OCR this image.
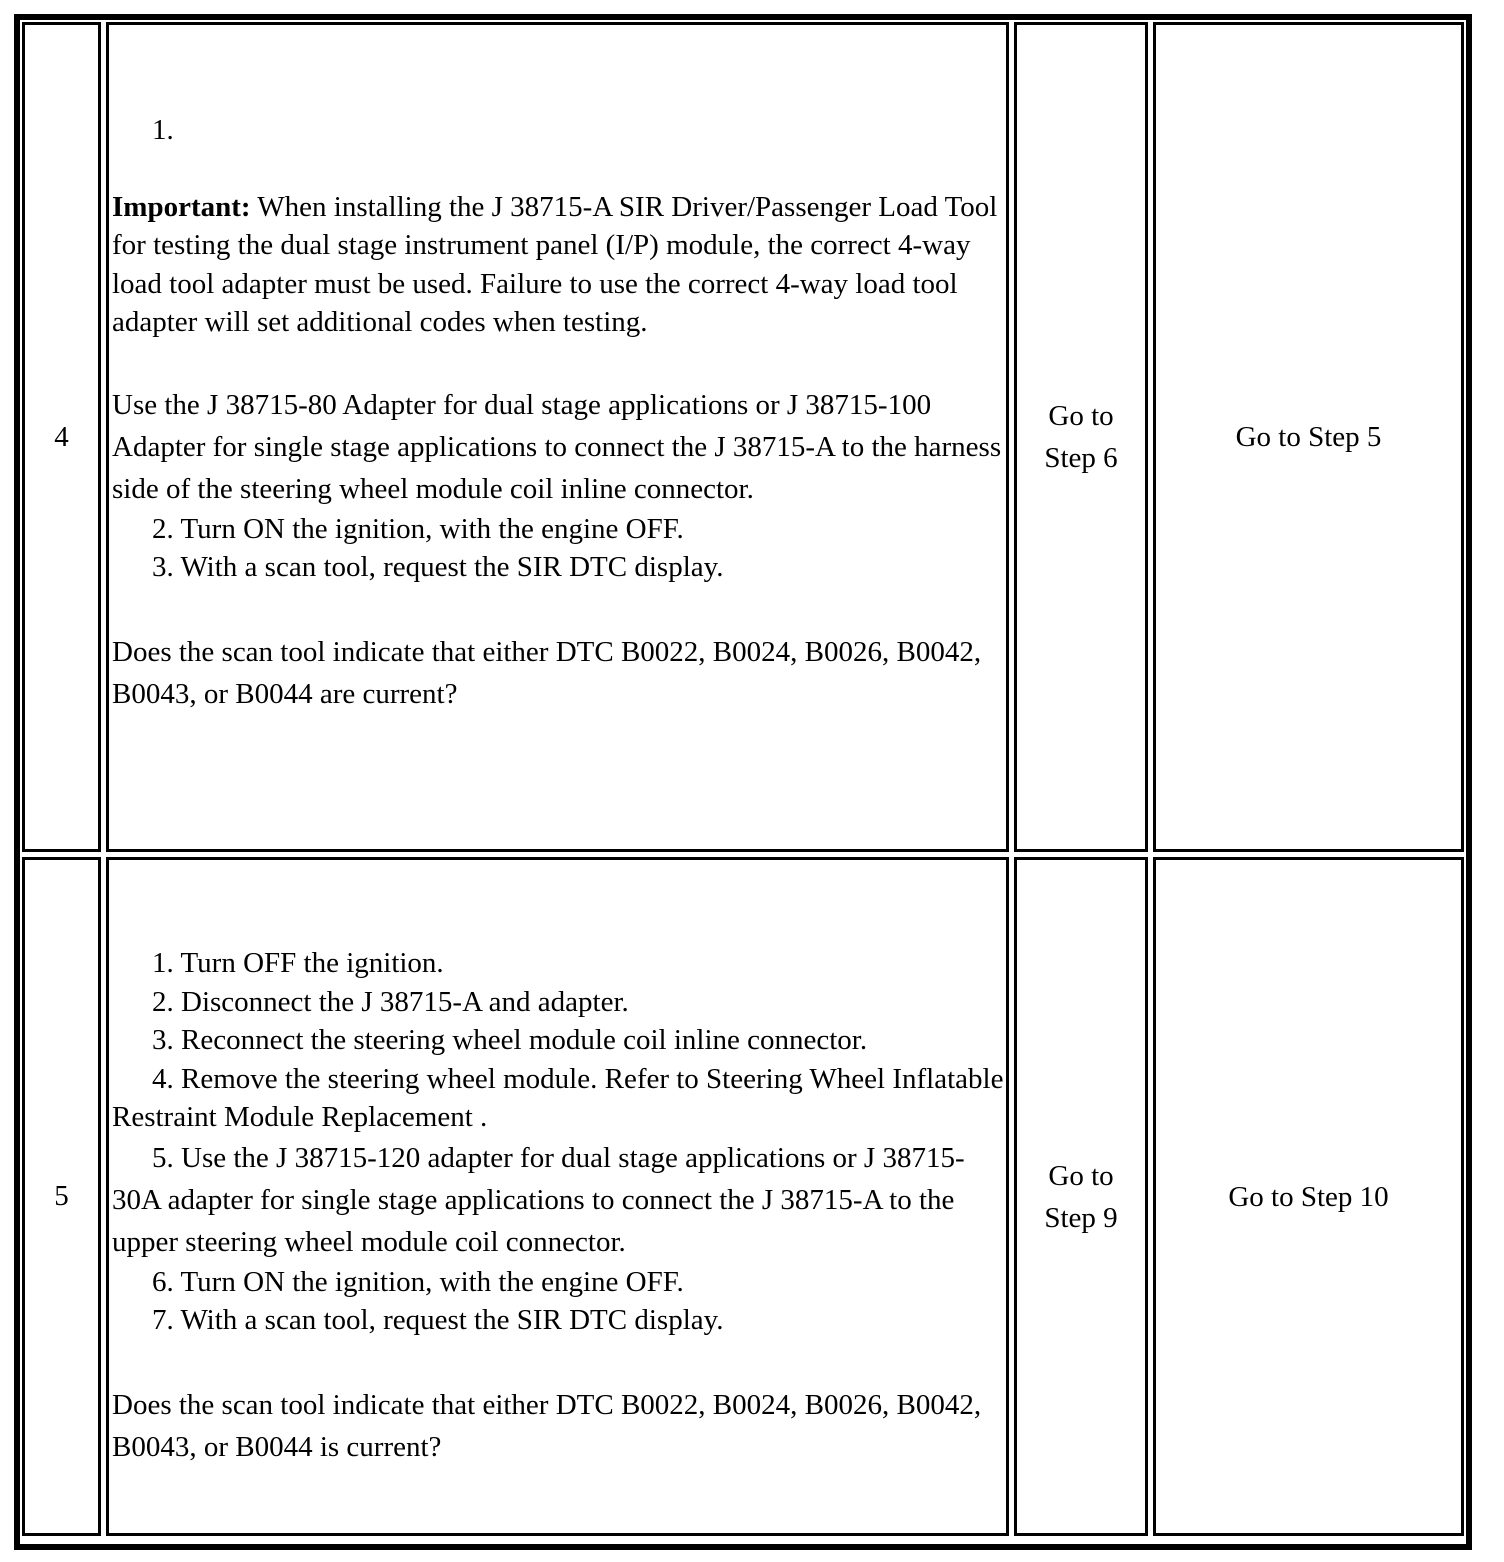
4

1.

Important: When installing the J 38715-A SIR Driver/Passenger Load Tool for testing the dual stage instrument panel (I/P) module, the correct 4-way load tool adapter must be used. Failure to use the correct 4-way load tool adapter will set additional codes when testing.

Use the J 38715-80 Adapter for dual stage applications or J 38715-100 Adapter for single stage applications to connect the J 38715-A to the harness side of the steering wheel module coil inline connector.

2. Turn ON the ignition, with the engine OFF.

3. With a scan tool, request the SIR DTC display.

Does the scan tool indicate that either DTC B0022, B0024, B0026, B0042, B0043, or B0044 are current?

Go to Step 6
Go to Step 5
5

1. Turn OFF the ignition.

2. Disconnect the J 38715-A and adapter.

3. Reconnect the steering wheel module coil inline connector.

4. Remove the steering wheel module. Refer to Steering Wheel Inflatable Restraint Module Replacement .

5. Use the J 38715-120 adapter for dual stage applications or J 38715-30A adapter for single stage applications to connect the J 38715-A to the upper steering wheel module coil connector.

6. Turn ON the ignition, with the engine OFF.

7. With a scan tool, request the SIR DTC display.

Does the scan tool indicate that either DTC B0022, B0024, B0026, B0042, B0043, or B0044 is current?

Go to Step 9
Go to Step 10
